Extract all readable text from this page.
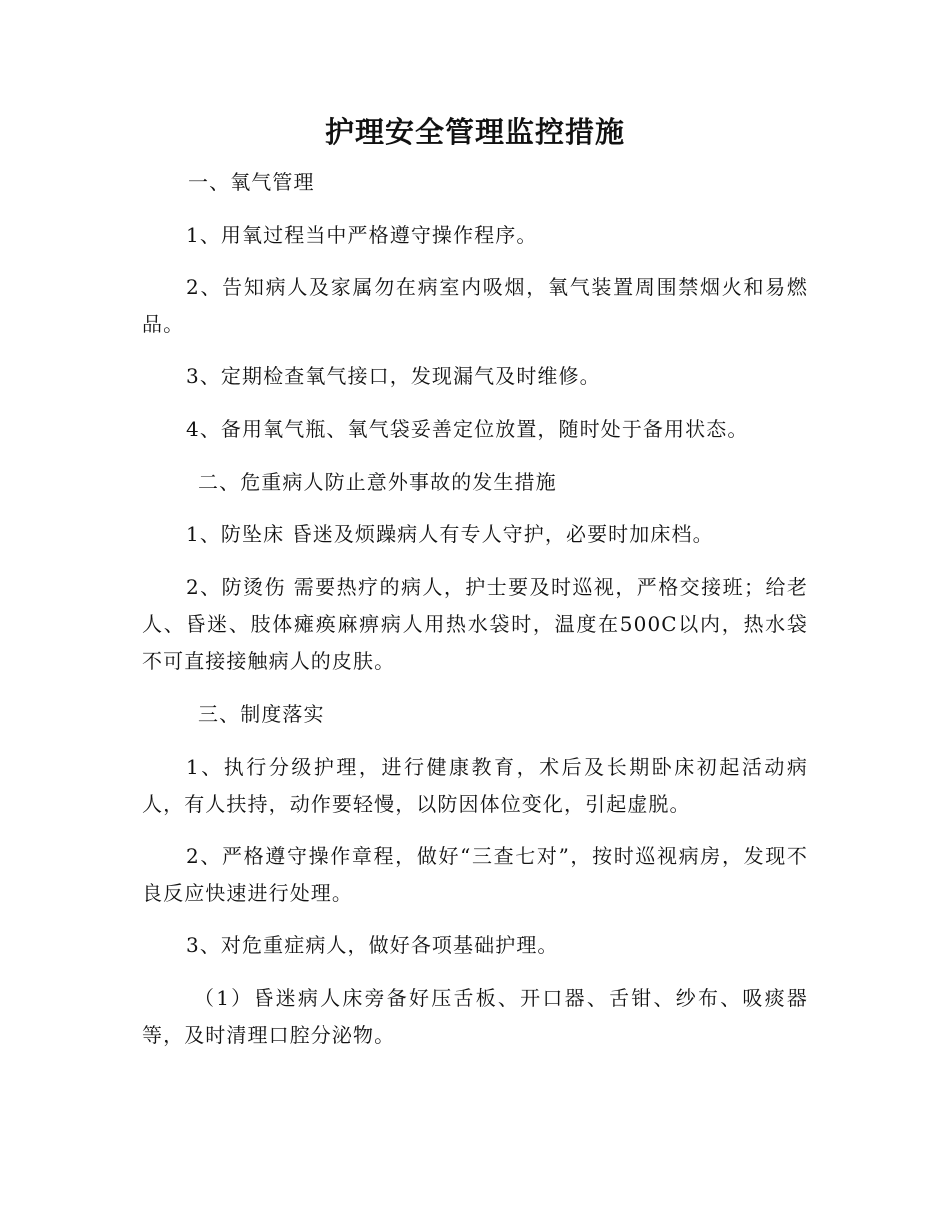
护理安全管理监控措施

一、氧气管理

1、用氧过程当中严格遵守操作程序。

2、告知病人及家属勿在病室内吸烟，氧气装置周围禁烟火和易燃品。

3、定期检查氧气接口，发现漏气及时维修。

4、备用氧气瓶、氧气袋妥善定位放置，随时处于备用状态。

二、危重病人防止意外事故的发生措施

1、防坠床 昏迷及烦躁病人有专人守护，必要时加床档。

2、防烫伤 需要热疗的病人，护士要及时巡视，严格交接班；给老人、昏迷、肢体瘫痪麻痹病人用热水袋时，温度在500C以内，热水袋不可直接接触病人的皮肤。

三、制度落实

1、执行分级护理，进行健康教育，术后及长期卧床初起活动病人，有人扶持，动作要轻慢，以防因体位变化，引起虚脱。

2、严格遵守操作章程，做好“三查七对”，按时巡视病房，发现不良反应快速进行处理。

3、对危重症病人，做好各项基础护理。

（1）昏迷病人床旁备好压舌板、开口器、舌钳、纱布、吸痰器等，及时清理口腔分泌物。
